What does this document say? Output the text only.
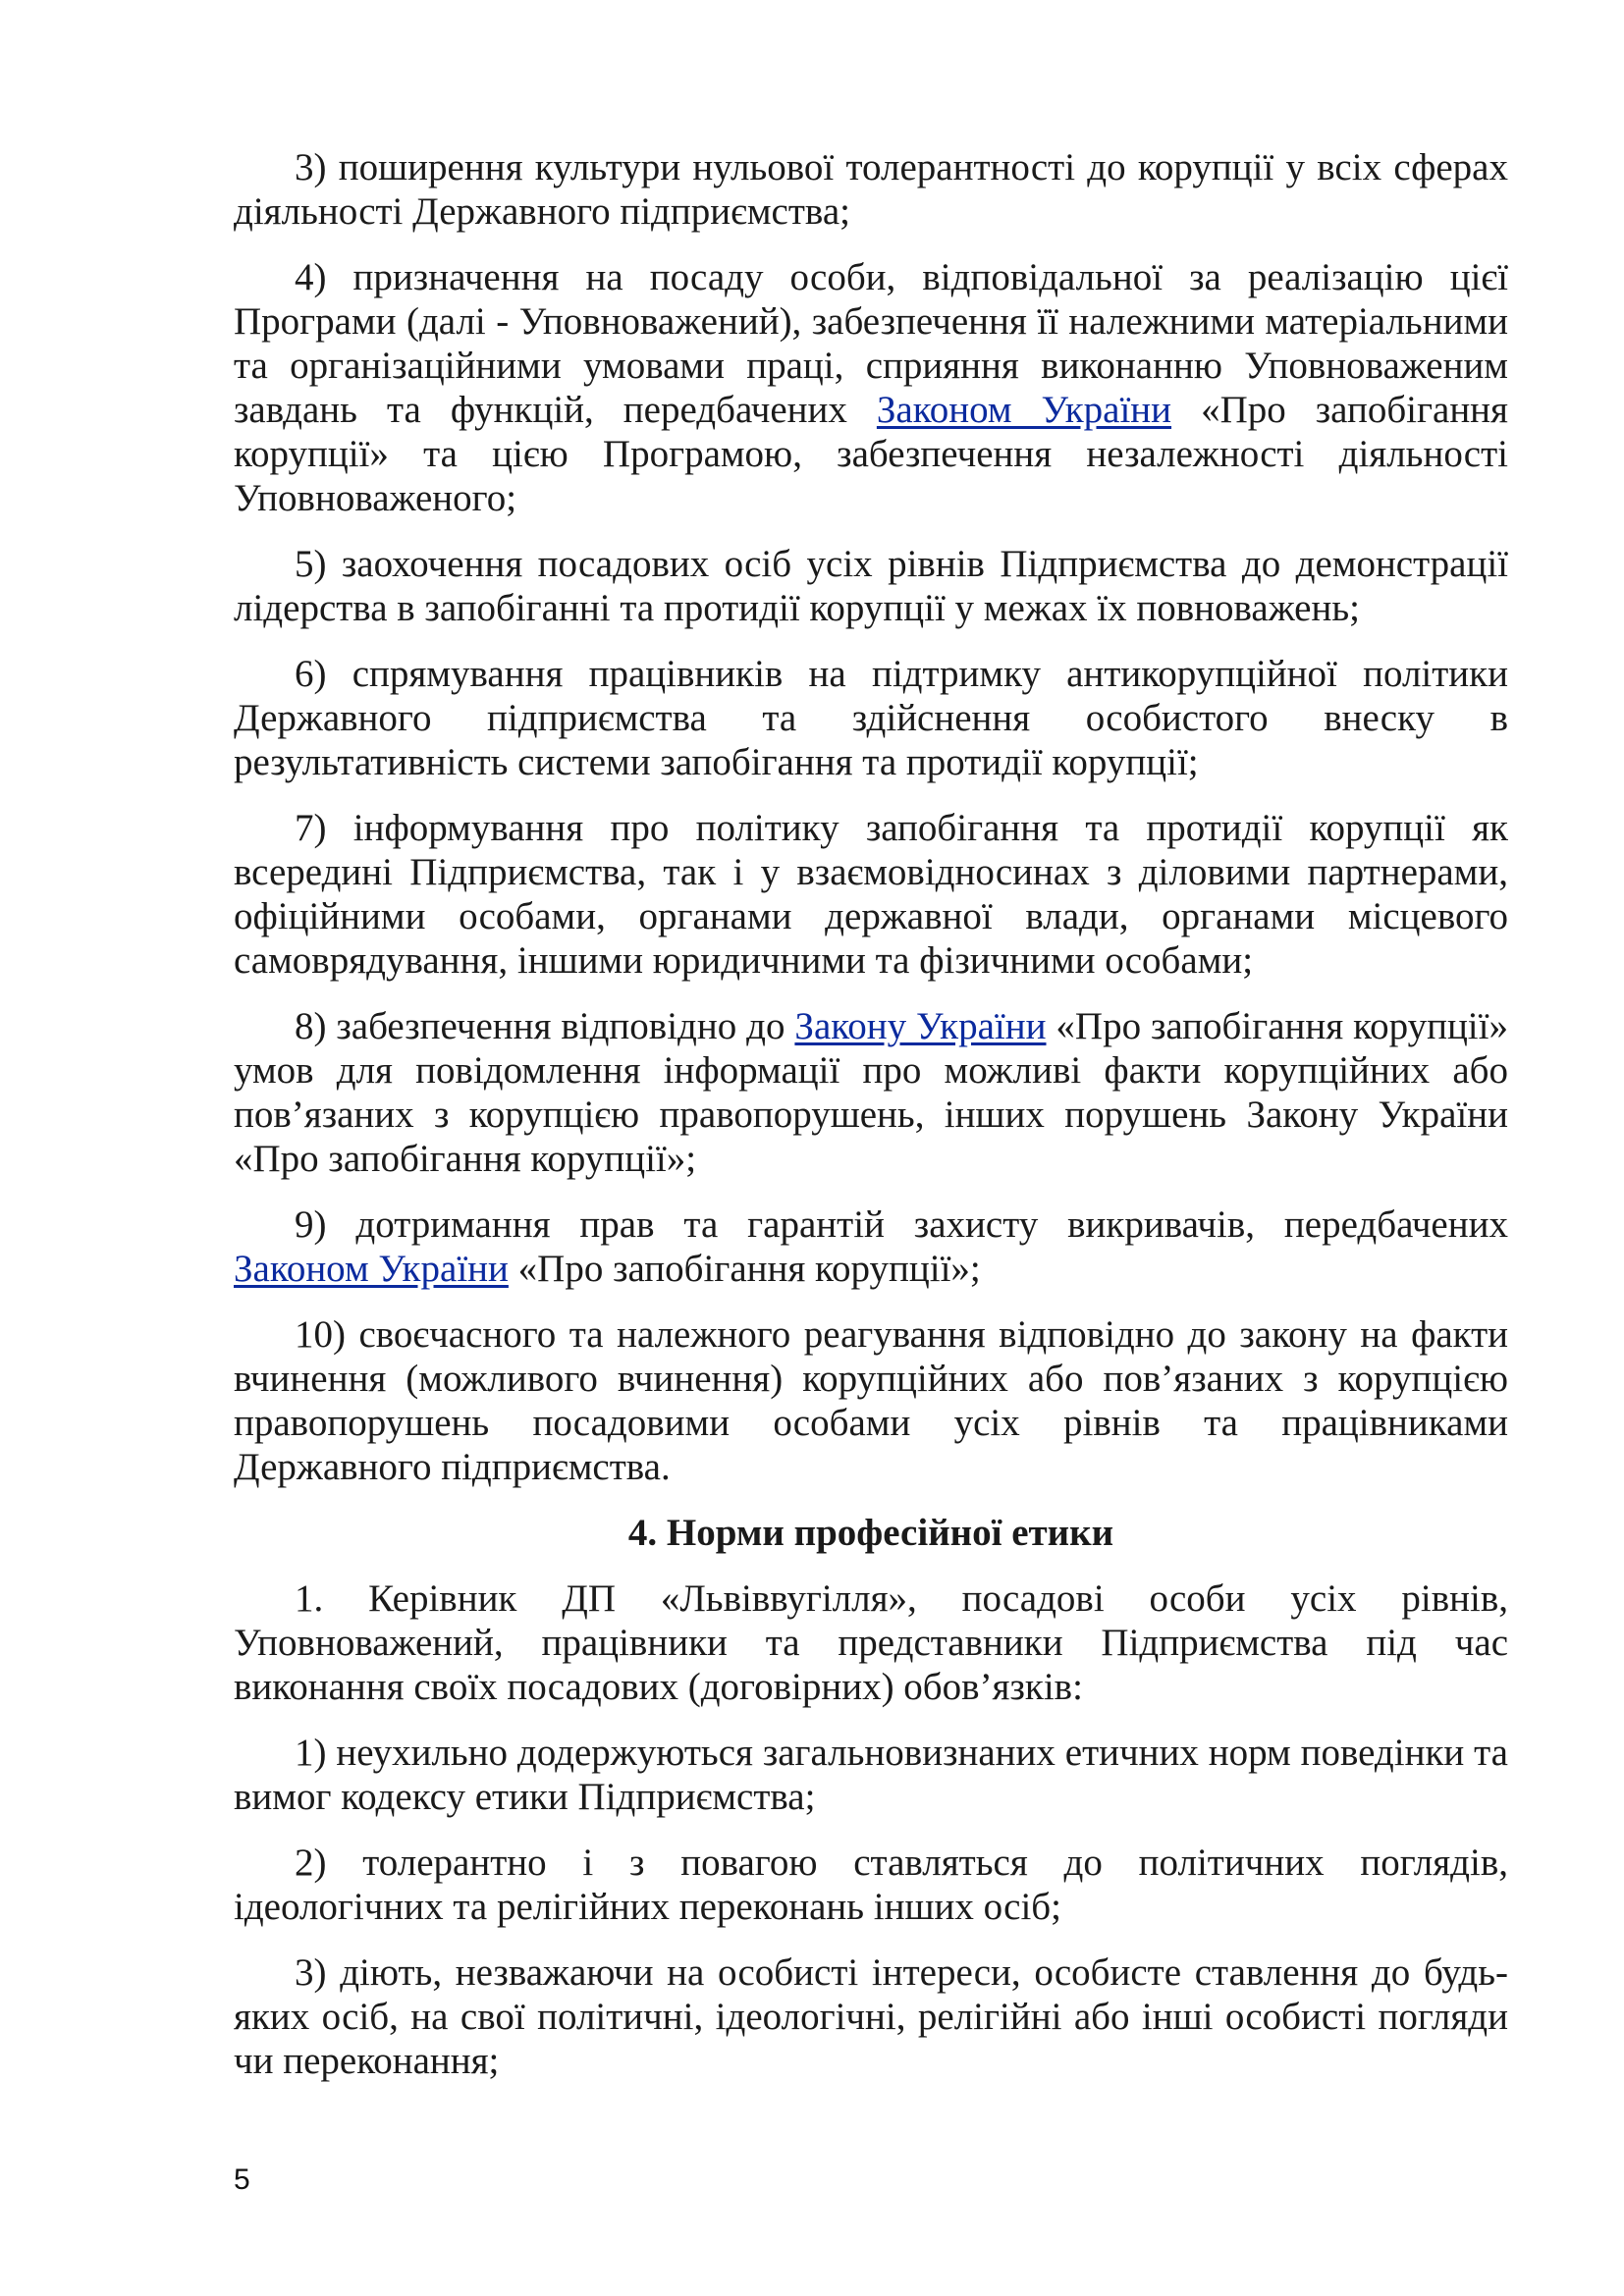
3) поширення культури нульової толерантності до корупції у всіх сферах діяльності Державного підприємства;

4) призначення на посаду особи, відповідальної за реалізацію цієї Програми (далі - Уповноважений), забезпечення її належними матеріальними та організаційними умовами праці, сприяння виконанню Уповноваженим завдань та функцій, передбачених Законом України «Про запобігання корупції» та цією Програмою, забезпечення незалежності діяльності Уповноваженого;

5) заохочення посадових осіб усіх рівнів Підприємства до демонстрації лідерства в запобіганні та протидії корупції у межах їх повноважень;

6) спрямування працівників на підтримку антикорупційної політики Державного підприємства та здійснення особистого внеску в результативність системи запобігання та протидії корупції;

7) інформування про політику запобігання та протидії корупції як всередині Підприємства, так і у взаємовідносинах з діловими партнерами, офіційними особами, органами державної влади, органами місцевого самоврядування, іншими юридичними та фізичними особами;

8) забезпечення відповідно до Закону України «Про запобігання корупції» умов для повідомлення інформації про можливі факти корупційних або пов’язаних з корупцією правопорушень, інших порушень Закону України «Про запобігання корупції»;

9) дотримання прав та гарантій захисту викривачів, передбачених Законом України «Про запобігання корупції»;

10) своєчасного та належного реагування відповідно до закону на факти вчинення (можливого вчинення) корупційних або пов’язаних з корупцією правопорушень посадовими особами усіх рівнів та працівниками Державного підприємства.

4. Норми професійної етики

1. Керівник ДП «Львіввугілля», посадові особи усіх рівнів, Уповноважений, працівники та представники Підприємства під час виконання своїх посадових (договірних) обов’язків:

1) неухильно додержуються загальновизнаних етичних норм поведінки та вимог кодексу етики Підприємства;

2) толерантно і з повагою ставляться до політичних поглядів, ідеологічних та релігійних переконань інших осіб;

3) діють, незважаючи на особисті інтереси, особисте ставлення до будь-яких осіб, на свої політичні, ідеологічні, релігійні або інші особисті погляди чи переконання;

5
